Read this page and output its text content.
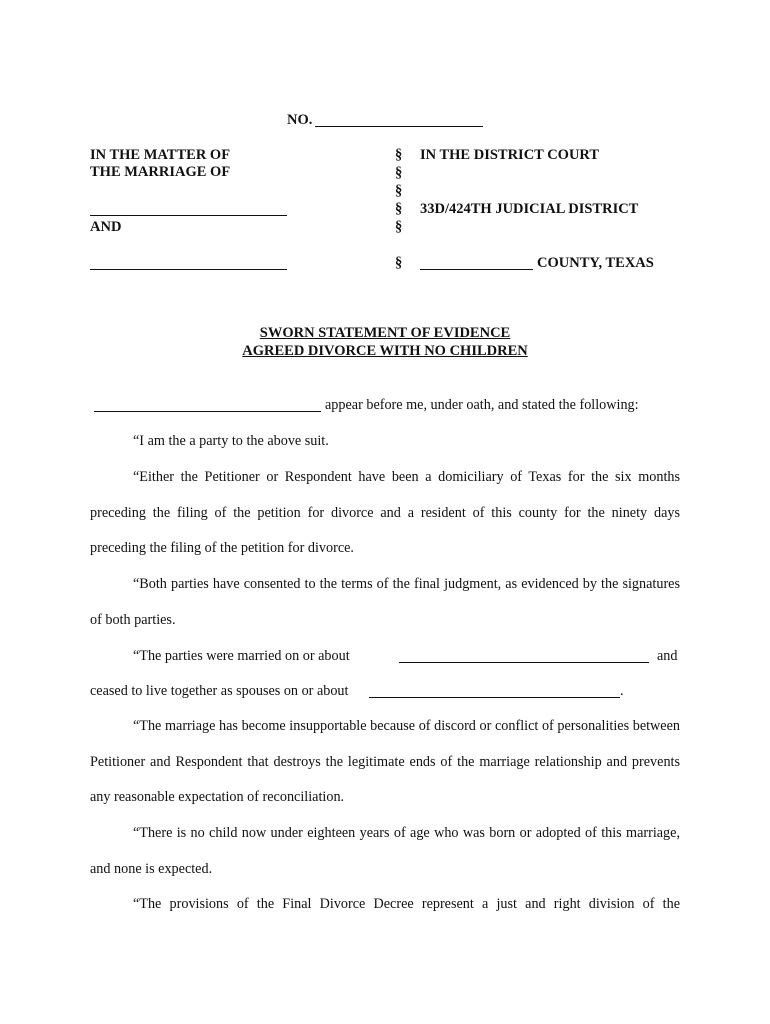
NO.
IN THE MATTER OF
THE MARRIAGE OF
AND
§
§
§
§
§
§
IN THE DISTRICT COURT
33D/424TH JUDICIAL DISTRICT
COUNTY, TEXAS
SWORN STATEMENT OF EVIDENCE
AGREED DIVORCE WITH NO CHILDREN
appear before me, under oath, and stated the following:
“I am the a party to the above suit.
“Either the Petitioner or Respondent have been a domiciliary of Texas for the six months preceding the filing of the petition for divorce and a resident of this county for the ninety days preceding the filing of the petition for divorce.
“Both parties have consented to the terms of the final judgment, as evidenced by the signatures of both parties.
“The parties were married on or about	and
ceased to live together as spouses on or about	.
“The marriage has become insupportable because of discord or conflict of personalities between Petitioner and Respondent that destroys the legitimate ends of the marriage relationship and prevents any reasonable expectation of reconciliation.
“There is no child now under eighteen years of age who was born or adopted of this marriage, and none is expected.
“The provisions of the Final Divorce Decree represent a just and right division of the
